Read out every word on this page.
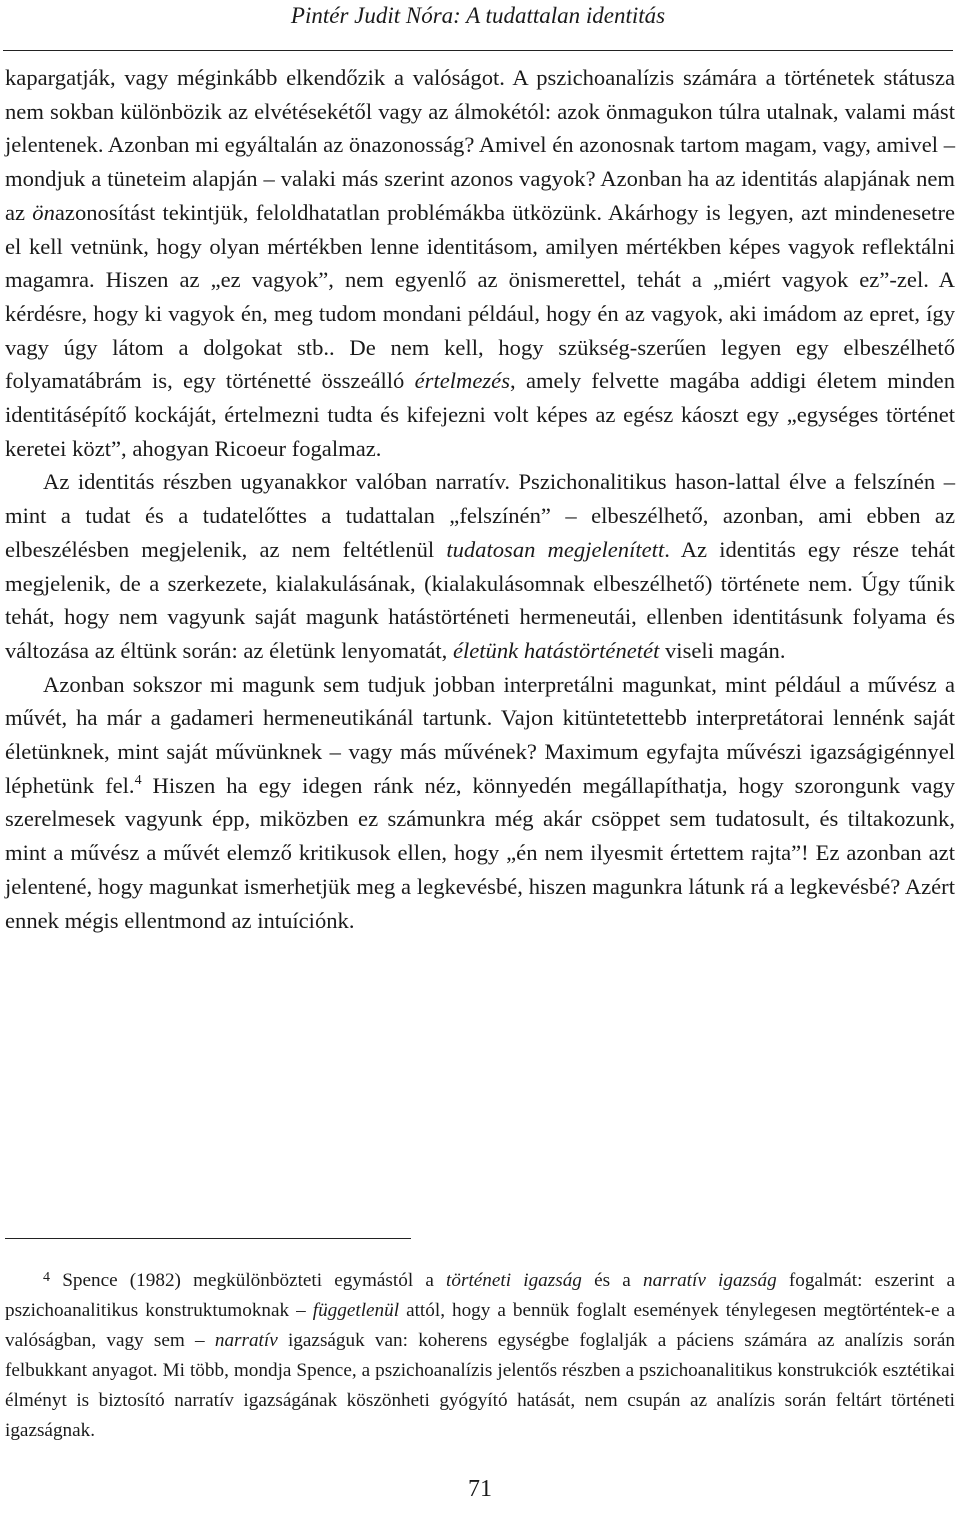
Pintér Judit Nóra: A tudattalan identitás

kapargatják, vagy méginkább elkendőzik a valóságot. A pszichoanalízis számára a történetek státusza nem sokban különbözik az elvétésekétől vagy az álmokétól: azok önmagukon túlra utalnak, valami mást jelentenek. Azonban mi egyáltalán az önazonosság? Amivel én azonosnak tartom magam, vagy, amivel – mondjuk a tüneteim alapján – valaki más szerint azonos vagyok? Azonban ha az identitás alapjának nem az önazonosítást tekintjük, feloldhatatlan problémákba ütközünk. Akárhogy is legyen, azt mindenesetre el kell vetnünk, hogy olyan mértékben lenne identitásom, amilyen mértékben képes vagyok reflektálni magamra. Hiszen az „ez vagyok”, nem egyenlő az önismerettel, tehát a „miért vagyok ez”-zel. A kérdésre, hogy ki vagyok én, meg tudom mondani például, hogy én az vagyok, aki imádom az epret, így vagy úgy látom a dolgokat stb.. De nem kell, hogy szükség-szerűen legyen egy elbeszélhető folyamatábrám is, egy történetté összeálló értelmezés, amely felvette magába addigi életem minden identitásépítő kockáját, értelmezni tudta és kifejezni volt képes az egész káoszt egy „egységes történet keretei közt”, ahogyan Ricoeur fogalmaz.

Az identitás részben ugyanakkor valóban narratív. Pszichonalitikus hason-lattal élve a felszínén – mint a tudat és a tudatelőttes a tudattalan „felszínén” – elbeszélhető, azonban, ami ebben az elbeszélésben megjelenik, az nem feltétlenül tudatosan megjelenített. Az identitás egy része tehát megjelenik, de a szerkezete, kialakulásának, (kialakulásomnak elbeszélhető) története nem. Úgy tűnik tehát, hogy nem vagyunk saját magunk hatástörténeti hermeneutái, ellenben identitásunk folyama és változása az éltünk során: az életünk lenyomatát, életünk hatástörténetét viseli magán.

Azonban sokszor mi magunk sem tudjuk jobban interpretálni magunkat, mint például a művész a művét, ha már a gadameri hermeneutikánál tartunk. Vajon kitüntetettebb interpretátorai lennénk saját életünknek, mint saját művünknek – vagy más művének? Maximum egyfajta művészi igazságigénnyel léphetünk fel.$^4$ Hiszen ha egy idegen ránk néz, könnyedén megállapíthatja, hogy szorongunk vagy szerelmesek vagyunk épp, miközben ez számunkra még akár csöppet sem tudatosult, és tiltakozunk, mint a művész a művét elemző kritikusok ellen, hogy „én nem ilyesmit értettem rajta”! Ez azonban azt jelentené, hogy magunkat ismerhetjük meg a legkevésbé, hiszen magunkra látunk rá a legkevésbé? Azért ennek mégis ellentmond az intuíciónk.

$^4$ Spence (1982) megkülönbözteti egymástól a történeti igazság és a narratív igazság fogalmát: eszerint a pszichoanalitikus konstruktumoknak – függetlenül attól, hogy a bennük foglalt események ténylegesen megtörténtek-e a valóságban, vagy sem – narratív igazságuk van: koherens egységbe foglalják a páciens számára az analízis során felbukkant anyagot. Mi több, mondja Spence, a pszichoanalízis jelentős részben a pszichoanalitikus konstrukciók esztétikai élményt is biztosító narratív igazságának köszönheti gyógyító hatását, nem csupán az analízis során feltárt történeti igazságnak.

71
